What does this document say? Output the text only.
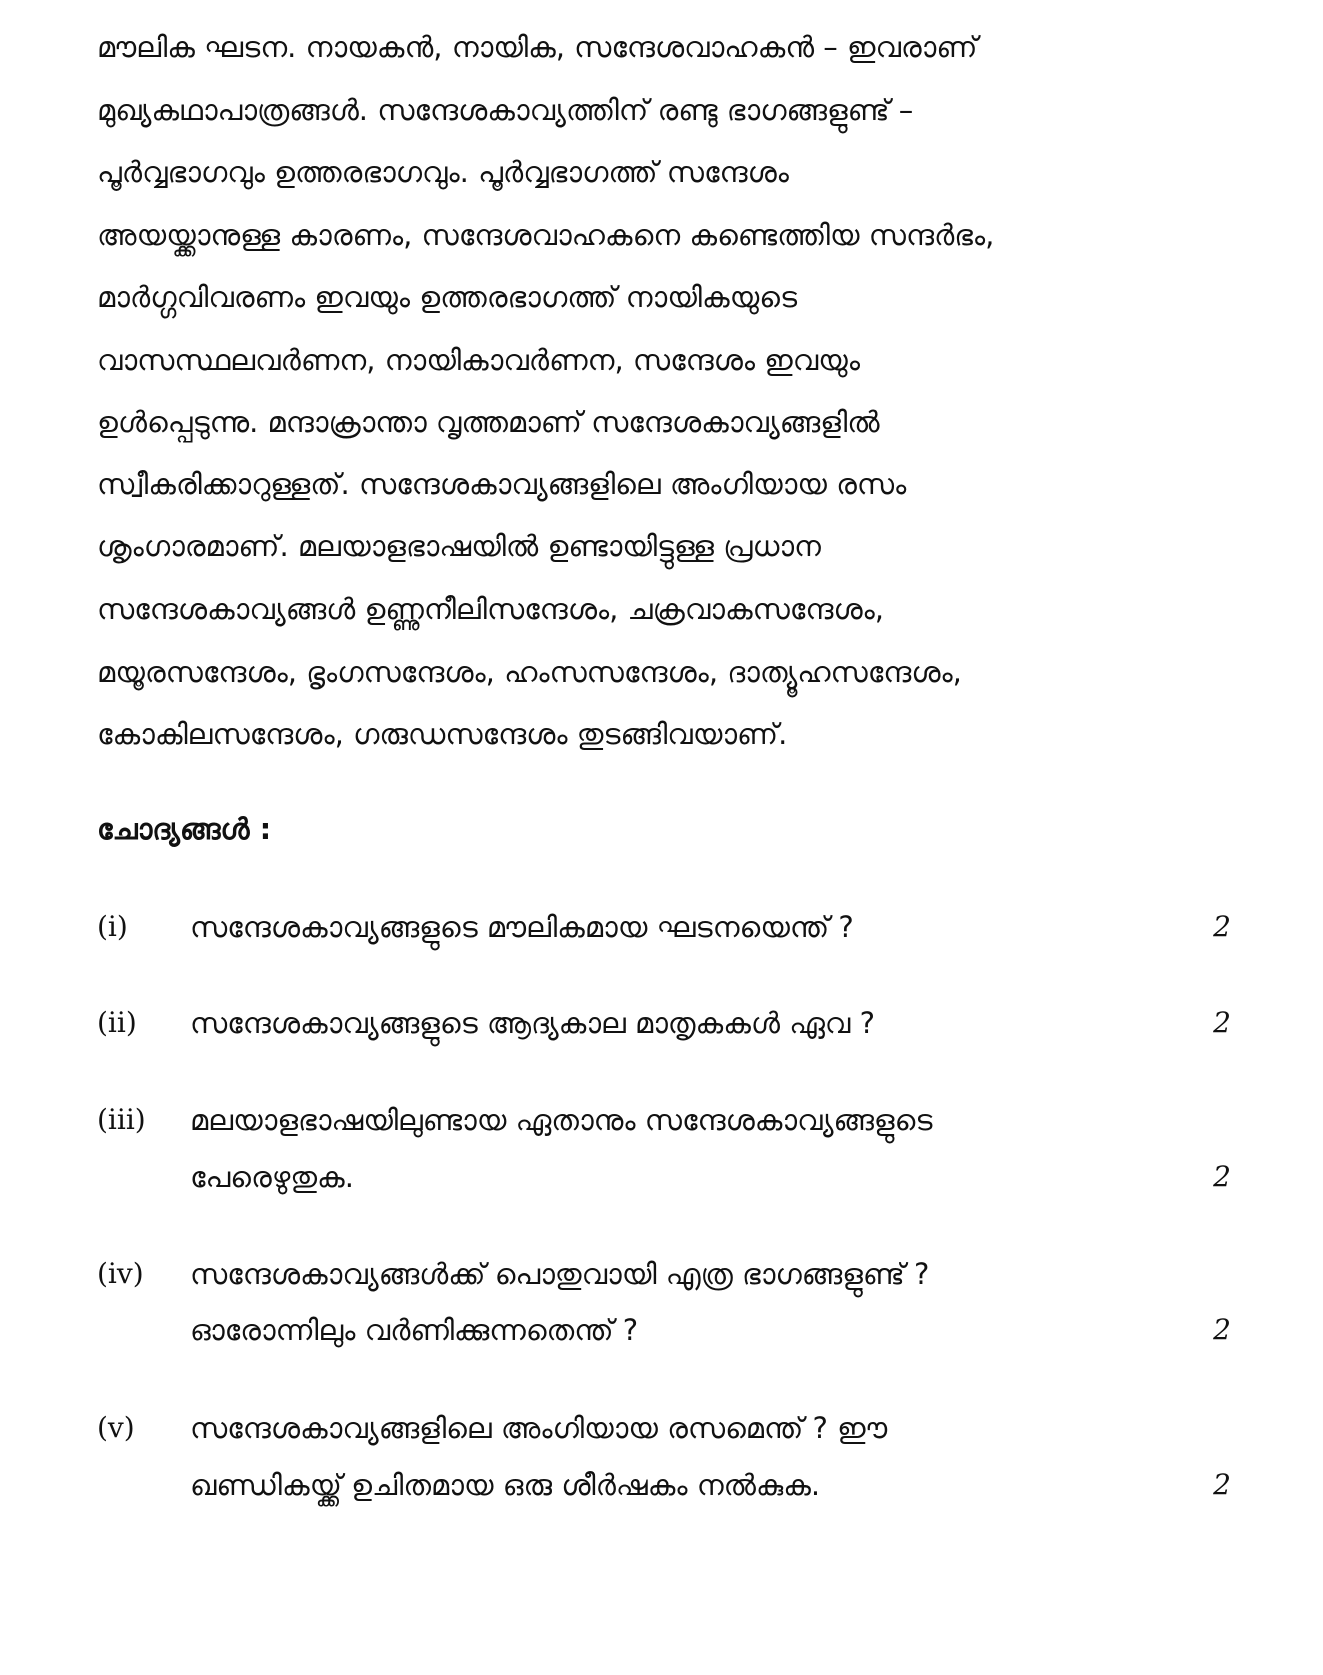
മൗലിക ഘടന. നായകൻ, നായിക, സന്ദേശവാഹകൻ – ഇവരാണ്
മുഖ്യകഥാപാത്രങ്ങൾ. സന്ദേശകാവ്യത്തിന് രണ്ടു ഭാഗങ്ങളുണ്ട് –
പൂർവ്വഭാഗവും ഉത്തരഭാഗവും. പൂർവ്വഭാഗത്ത് സന്ദേശം
അയയ്ക്കാനുള്ള കാരണം, സന്ദേശവാഹകനെ കണ്ടെത്തിയ സന്ദർഭം,
മാർഗ്ഗവിവരണം ഇവയും ഉത്തരഭാഗത്ത് നായികയുടെ
വാസസ്ഥലവർണന, നായികാവർണന, സന്ദേശം ഇവയും
ഉൾപ്പെടുന്നു. മന്ദാക്രാന്താ വൃത്തമാണ് സന്ദേശകാവ്യങ്ങളിൽ
സ്വീകരിക്കാറുള്ളത്. സന്ദേശകാവ്യങ്ങളിലെ അംഗിയായ രസം
ശൃംഗാരമാണ്. മലയാളഭാഷയിൽ ഉണ്ടായിട്ടുള്ള പ്രധാന
സന്ദേശകാവ്യങ്ങൾ ഉണ്ണുനീലിസന്ദേശം, ചക്രവാകസന്ദേശം,
മയൂരസന്ദേശം, ഭൃംഗസന്ദേശം, ഹംസസന്ദേശം, ദാത്യൂഹസന്ദേശം,
കോകിലസന്ദേശം, ഗരുഡസന്ദേശം തുടങ്ങിവയാണ്.
ചോദ്യങ്ങൾ :
(i) സന്ദേശകാവ്യങ്ങളുടെ മൗലികമായ ഘടനയെന്ത് ?	2
(ii) സന്ദേശകാവ്യങ്ങളുടെ ആദ്യകാല മാതൃകകൾ ഏവ ?	2
(iii) മലയാളഭാഷയിലുണ്ടായ ഏതാനും സന്ദേശകാവ്യങ്ങളുടെ
പേരെഴുതുക.	2
(iv) സന്ദേശകാവ്യങ്ങൾക്ക് പൊതുവായി എത്ര ഭാഗങ്ങളുണ്ട് ?
ഓരോന്നിലും വർണിക്കുന്നതെന്ത് ?	2
(v) സന്ദേശകാവ്യങ്ങളിലെ അംഗിയായ രസമെന്ത് ? ഈ
ഖണ്ഡികയ്ക്ക് ഉചിതമായ ഒരു ശീർഷകം നൽകുക.	2
